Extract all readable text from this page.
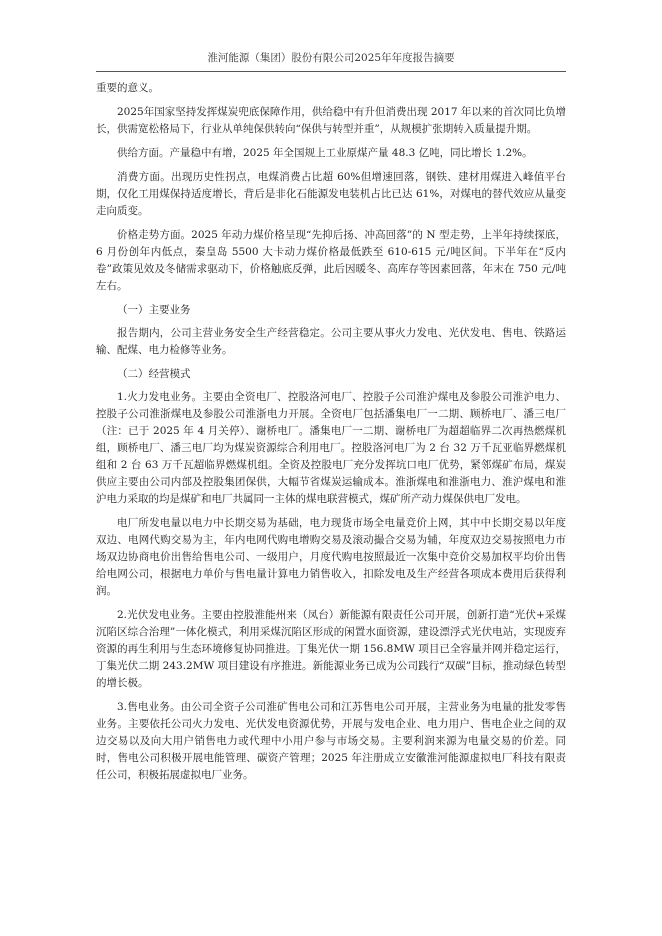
淮河能源（集团）股份有限公司2025年年度报告摘要

重要的意义。

2025年国家坚持发挥煤炭兜底保障作用，供给稳中有升但消费出现 2017 年以来的首次同比负增长，供需宽松格局下，行业从单纯保供转向“保供与转型并重”，从规模扩张期转入质量提升期。

供给方面。产量稳中有增，2025 年全国规上工业原煤产量 48.3 亿吨，同比增长 1.2%。

消费方面。出现历史性拐点，电煤消费占比超 60%但增速回落，钢铁、建材用煤进入峰值平台期，仅化工用煤保持适度增长，背后是非化石能源发电装机占比已达 61%，对煤电的替代效应从量变走向质变。

价格走势方面。2025 年动力煤价格呈现“先抑后扬、冲高回落”的 N 型走势，上半年持续探底，6 月份创年内低点，秦皇岛 5500 大卡动力煤价格最低跌至 610-615 元/吨区间。下半年在“反内卷”政策见效及冬储需求驱动下，价格触底反弹，此后因暖冬、高库存等因素回落，年末在 750 元/吨左右。

（一）主要业务

报告期内，公司主营业务安全生产经营稳定。公司主要从事火力发电、光伏发电、售电、铁路运输、配煤、电力检修等业务。

（二）经营模式

1.火力发电业务。主要由全资电厂、控股洛河电厂、控股子公司淮沪煤电及参股公司淮沪电力、控股子公司淮浙煤电及参股公司淮浙电力开展。全资电厂包括潘集电厂一二期、顾桥电厂、潘三电厂（注：已于 2025 年 4 月关停）、谢桥电厂。潘集电厂一二期、谢桥电厂为超超临界二次再热燃煤机组，顾桥电厂、潘三电厂均为煤炭资源综合利用电厂。控股洛河电厂为 2 台 32 万千瓦亚临界燃煤机组和 2 台 63 万千瓦超临界燃煤机组。全资及控股电厂充分发挥坑口电厂优势，紧邻煤矿布局，煤炭供应主要由公司内部及控股集团保供，大幅节省煤炭运输成本。淮浙煤电和淮浙电力、淮沪煤电和淮沪电力采取的均是煤矿和电厂共属同一主体的煤电联营模式，煤矿所产动力煤保供电厂发电。

电厂所发电量以电力中长期交易为基础，电力现货市场全电量竞价上网，其中中长期交易以年度双边、电网代购交易为主，年内电网代购电增购交易及滚动撮合交易为辅，年度双边交易按照电力市场双边协商电价出售给售电公司、一级用户，月度代购电按照最近一次集中竞价交易加权平均价出售给电网公司，根据电力单价与售电量计算电力销售收入，扣除发电及生产经营各项成本费用后获得利润。

2.光伏发电业务。主要由控股淮能州来（凤台）新能源有限责任公司开展，创新打造“光伏+采煤沉陷区综合治理”一体化模式，利用采煤沉陷区形成的闲置水面资源，建设漂浮式光伏电站，实现废弃资源的再生利用与生态环境修复协同推进。丁集光伏一期 156.8MW 项目已全容量并网并稳定运行，丁集光伏二期 243.2MW 项目建设有序推进。新能源业务已成为公司践行“双碳”目标，推动绿色转型的增长极。

3.售电业务。由公司全资子公司淮矿售电公司和江苏售电公司开展，主营业务为电量的批发零售业务。主要依托公司火力发电、光伏发电资源优势，开展与发电企业、电力用户、售电企业之间的双边交易以及向大用户销售电力或代理中小用户参与市场交易。主要利润来源为电量交易的价差。同时，售电公司积极开展电能管理、碳资产管理；2025 年注册成立安徽淮河能源虚拟电厂科技有限责任公司，积极拓展虚拟电厂业务。
